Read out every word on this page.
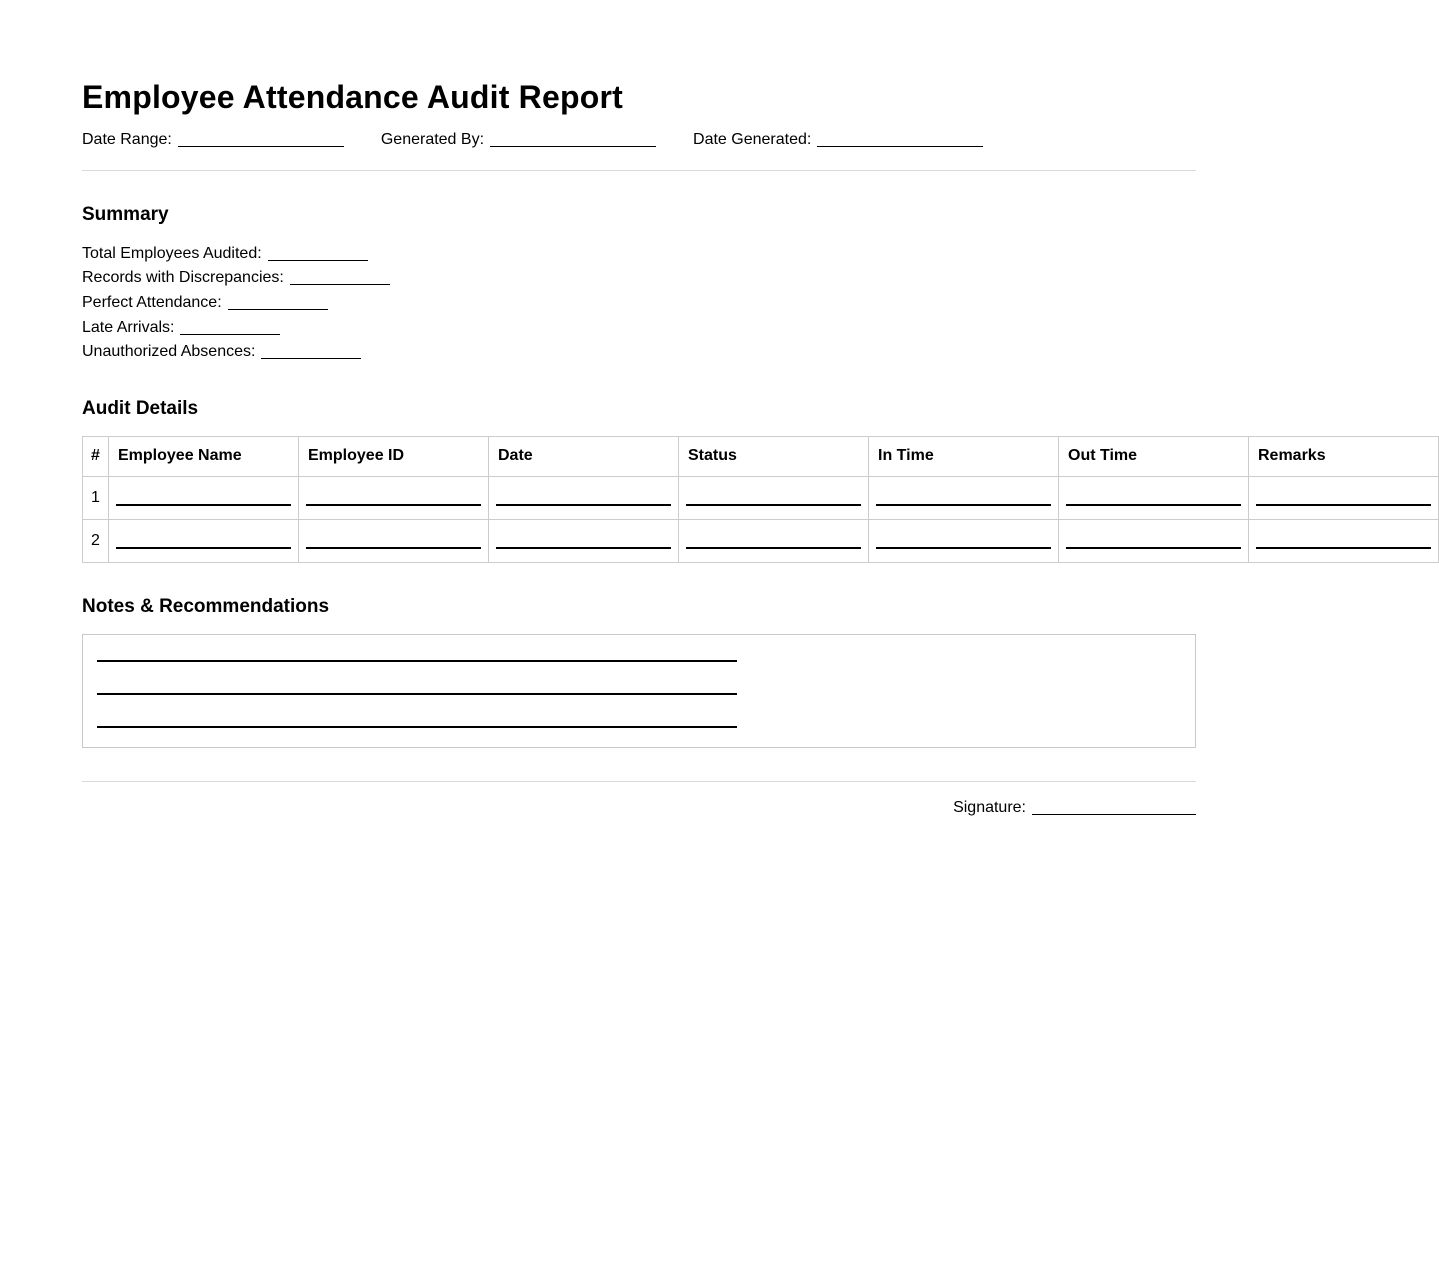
Employee Attendance Audit Report
Date Range:	Generated By:	Date Generated:
Summary
Total Employees Audited:
Records with Discrepancies:
Perfect Attendance:
Late Arrivals:
Unauthorized Absences:
Audit Details
#	Employee Name	Employee ID	Date	Status	In Time	Out Time	Remarks
1	

2	

Notes & Recommendations
Signature:
